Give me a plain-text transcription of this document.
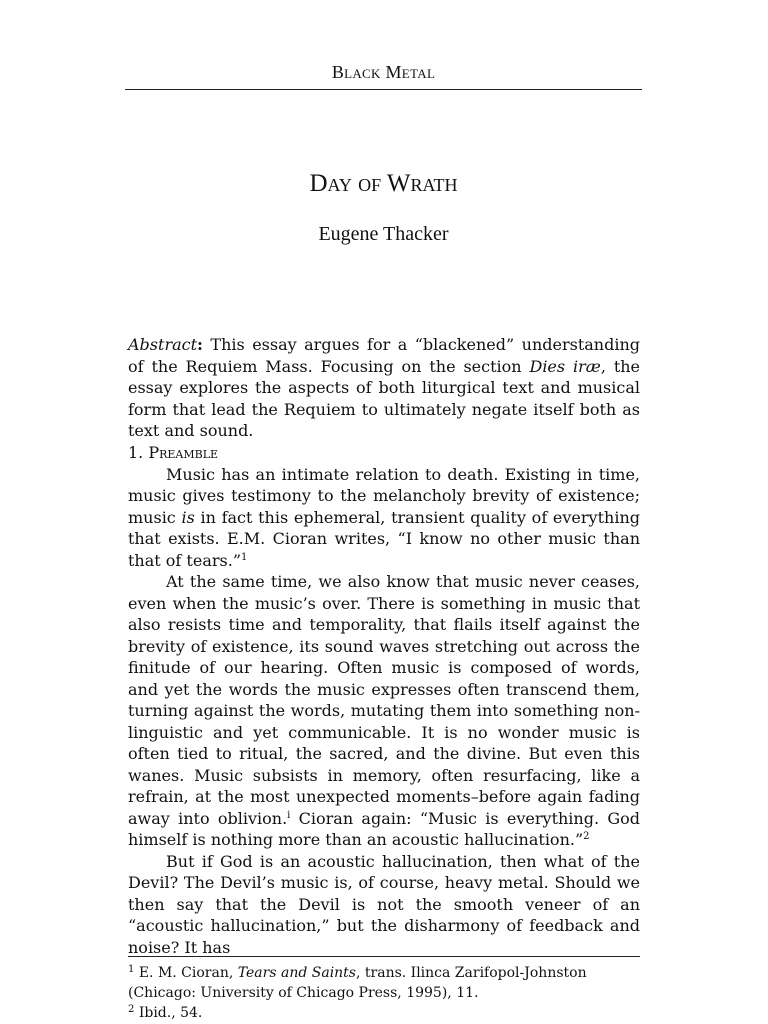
Black Metal
Day of Wrath
Eugene Thacker

Abstract: This essay argues for a “blackened” understanding of the Requiem Mass. Focusing on the section Dies iræ, the essay explores the aspects of both liturgical text and musical form that lead the Requiem to ultimately negate itself both as text and sound.

1. Preamble

Music has an intimate relation to death. Existing in time, music gives testimony to the melancholy brevity of existence; music is in fact this ephemeral, transient quality of everything that exists. E.M. Cioran writes, “I know no other music than that of tears.”$^1$

At the same time, we also know that music never ceases, even when the music’s over. There is something in music that also resists time and temporality, that flails itself against the brevity of existence, its sound waves stretching out across the finitude of our hearing. Often music is composed of words, and yet the words the music expresses often transcend them, turning against the words, mutating them into something non-linguistic and yet communicable. It is no wonder music is often tied to ritual, the sacred, and the divine. But even this wanes. Music subsists in memory, often resurfacing, like a refrain, at the most unexpected moments–before again fading away into oblivion.$^i$ Cioran again: “Music is everything. God himself is nothing more than an acoustic hallucination.”$^2$

But if God is an acoustic hallucination, then what of the Devil? The Devil’s music is, of course, heavy metal. Should we then say that the Devil is not the smooth veneer of an “acoustic hallucination,” but the disharmony of feedback and noise? It has

$^1$ E. M. Cioran, Tears and Saints, trans. Ilinca Zarifopol-Johnston (Chicago: University of Chicago Press, 1995), 11.

$^2$ Ibid., 54.
